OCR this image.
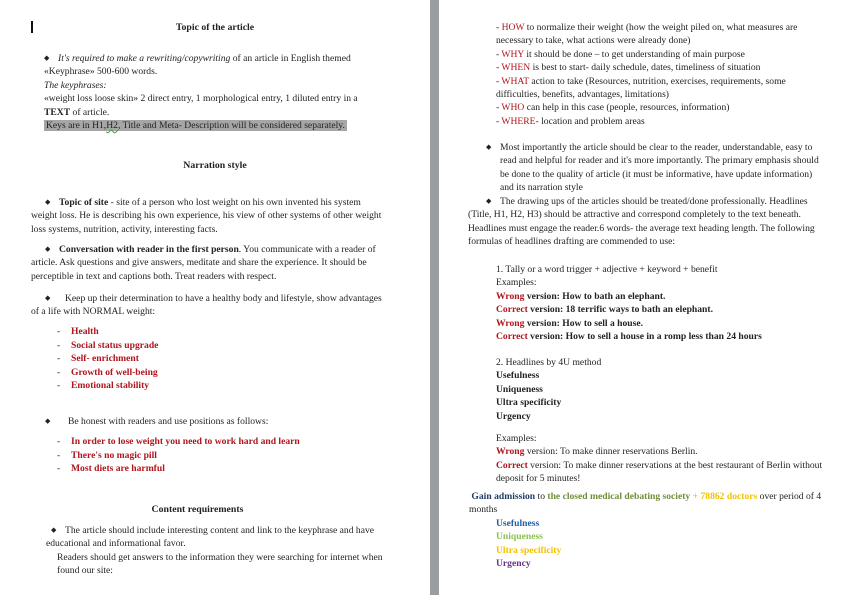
Topic of the article

◆ It's required to make a rewriting/copywriting of an article in English themed

«Keyphrase» 500-600 words.

The keyphrases:

«weight loss loose skin» 2 direct entry, 1 morphological entry, 1 diluted entry in a

TEXT of article.

Keys are in H1,H2, Title and Meta- Description will be considered separately.

Narration style

◆ Topic of site - site of a person who lost weight on his own invented his system

weight loss. He is describing his own experience, his view of other systems of other weight

loss systems, nutrition, activity, interesting facts.

◆ Conversation with reader in the first person. You communicate with a reader of

article. Ask questions and give answers, meditate and share the experience. It should be

perceptible in text and captions both. Treat readers with respect.

◆ Keep up their determination to have a healthy body and lifestyle, show advantages

of a life with NORMAL weight:

- Health

- Social status upgrade

- Self- enrichment

- Growth of well-being

- Emotional stability

◆ Be honest with readers and use positions as follows:

- In order to lose weight you need to work hard and learn

- There's no magic pill

- Most diets are harmful

Content requirements

◆ The article should include interesting content and link to the keyphrase and have

educational and informational favor.

Readers should get answers to the information they were searching for internet when

found our site:

- HOW to normalize their weight (how the weight piled on, what measures are

necessary to take, what actions were already done)

- WHY it should be done – to get understanding of main purpose

- WHEN is best to start- daily schedule, dates, timeliness of situation

- WHAT action to take (Resources, nutrition, exercises, requirements, some

difficulties, benefits, advantages, limitations)

- WHO can help in this case (people, resources, information)

- WHERE- location and problem areas

◆ Most importantly the article should be clear to the reader, understandable, easy to

read and helpful for reader and it's more importantly. The primary emphasis should

be done to the quality of article (it must be informative, have update information)

and its narration style

◆ The drawing ups of the articles should be treated/done professionally. Headlines

(Title, H1, H2, H3) should be attractive and correspond completely to the text beneath.

Headlines must engage the reader.6 words- the average text heading length. The following

formulas of headlines drafting are commended to use:

1. Tally or a word trigger + adjective + keyword + benefit

Examples:

Wrong version: How to bath an elephant.

Correct version: 18 terrific ways to bath an elephant.

Wrong version: How to sell a house.

Correct version: How to sell a house in a romp less than 24 hours

2. Headlines by 4U method

Usefulness

Uniqueness

Ultra specificity

Urgency

Examples:

Wrong version: To make dinner reservations Berlin.

Correct version: To make dinner reservations at the best restaurant of Berlin without

deposit for 5 minutes!

Gain admission to the closed medical debating society + 78862 doctors over period of 4

months

Usefulness

Uniqueness

Ultra specificity

Urgency
